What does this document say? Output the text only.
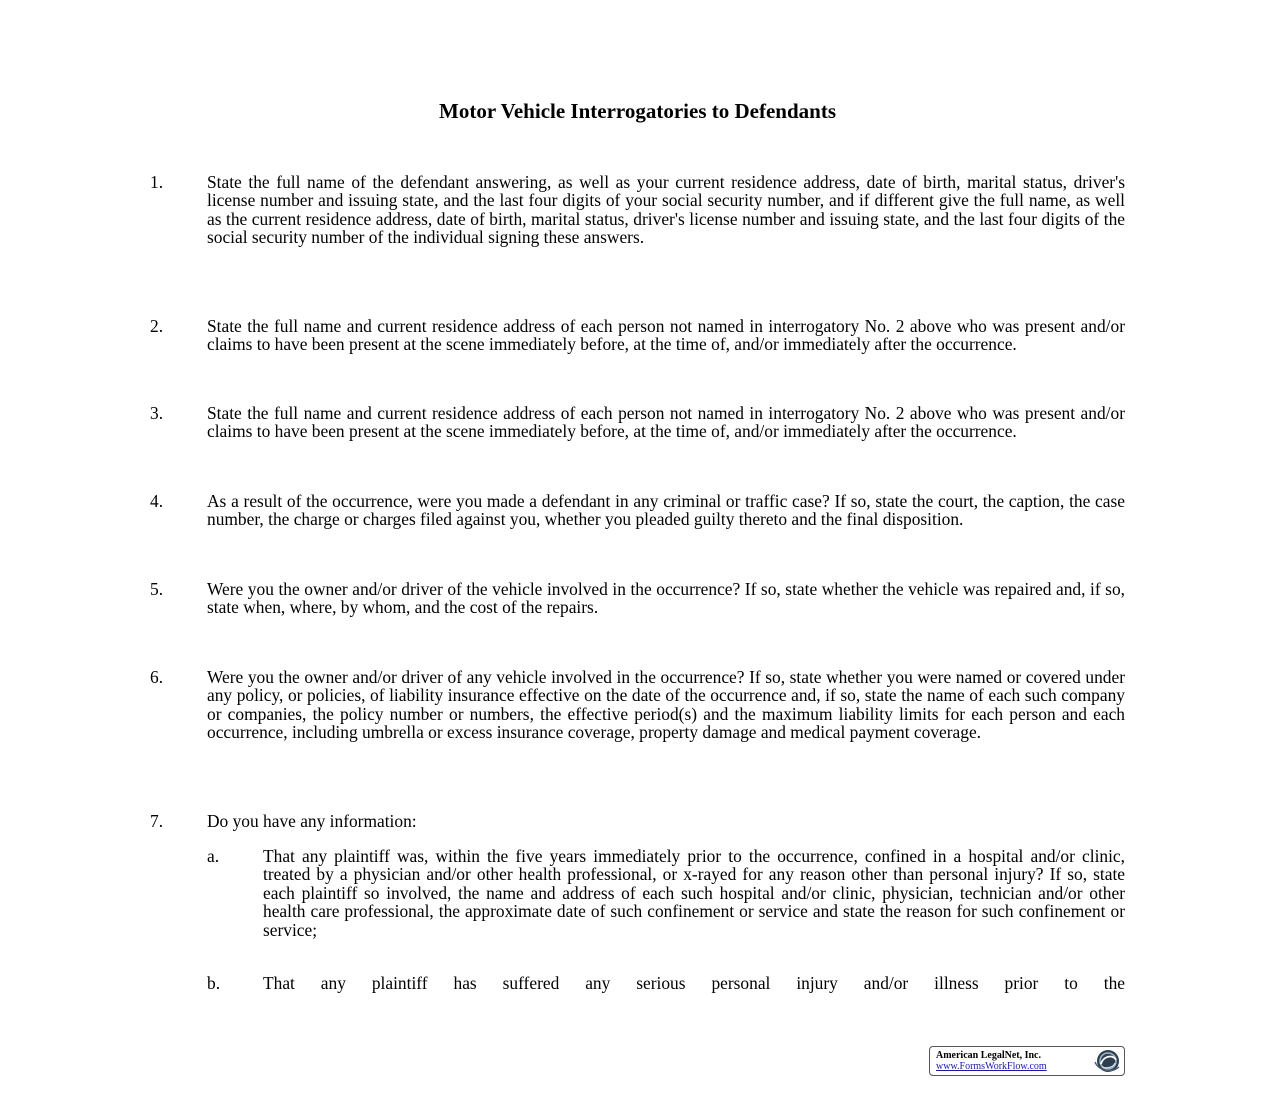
Motor Vehicle Interrogatories to Defendants
1.	State the full name of the defendant answering, as well as your current residence address, date of birth, marital status, driver's license number and issuing state, and the last four digits of your social security number, and if different give the full name, as well as the current residence address, date of birth, marital status, driver's license number and issuing state, and the last four digits of the social security number of the individual signing these answers.
2.	State the full name and current residence address of each person not named in interrogatory No. 2 above who was present and/or claims to have been present at the scene immediately before, at the time of, and/or immediately after the occurrence.
3.	State the full name and current residence address of each person not named in interrogatory No. 2 above who was present and/or claims to have been present at the scene immediately before, at the time of, and/or immediately after the occurrence.
4.	As a result of the occurrence, were you made a defendant in any criminal or traffic case? If so, state the court, the caption, the case number, the charge or charges filed against you, whether you pleaded guilty thereto and the final disposition.
5.	Were you the owner and/or driver of the vehicle involved in the occurrence? If so, state whether the vehicle was repaired and, if so, state when, where, by whom, and the cost of the repairs.
6.	Were you the owner and/or driver of any vehicle involved in the occurrence? If so, state whether you were named or covered under any policy, or policies, of liability insurance effective on the date of the occurrence and, if so, state the name of each such company or companies, the policy number or numbers, the effective period(s) and the maximum liability limits for each person and each occurrence, including umbrella or excess insurance coverage, property damage and medical payment coverage.
7.	Do you have any information:
a.	That any plaintiff was, within the five years immediately prior to the occurrence, confined in a hospital and/or clinic, treated by a physician and/or other health professional, or x-rayed for any reason other than personal injury? If so, state each plaintiff so involved, the name and address of each such hospital and/or clinic, physician, technician and/or other health care professional, the approximate date of such confinement or service and state the reason for such confinement or service;
b. That any plaintiff has suffered any serious personal injury and/or illness prior to the
American LegalNet, Inc.
www.FormsWorkFlow.com
